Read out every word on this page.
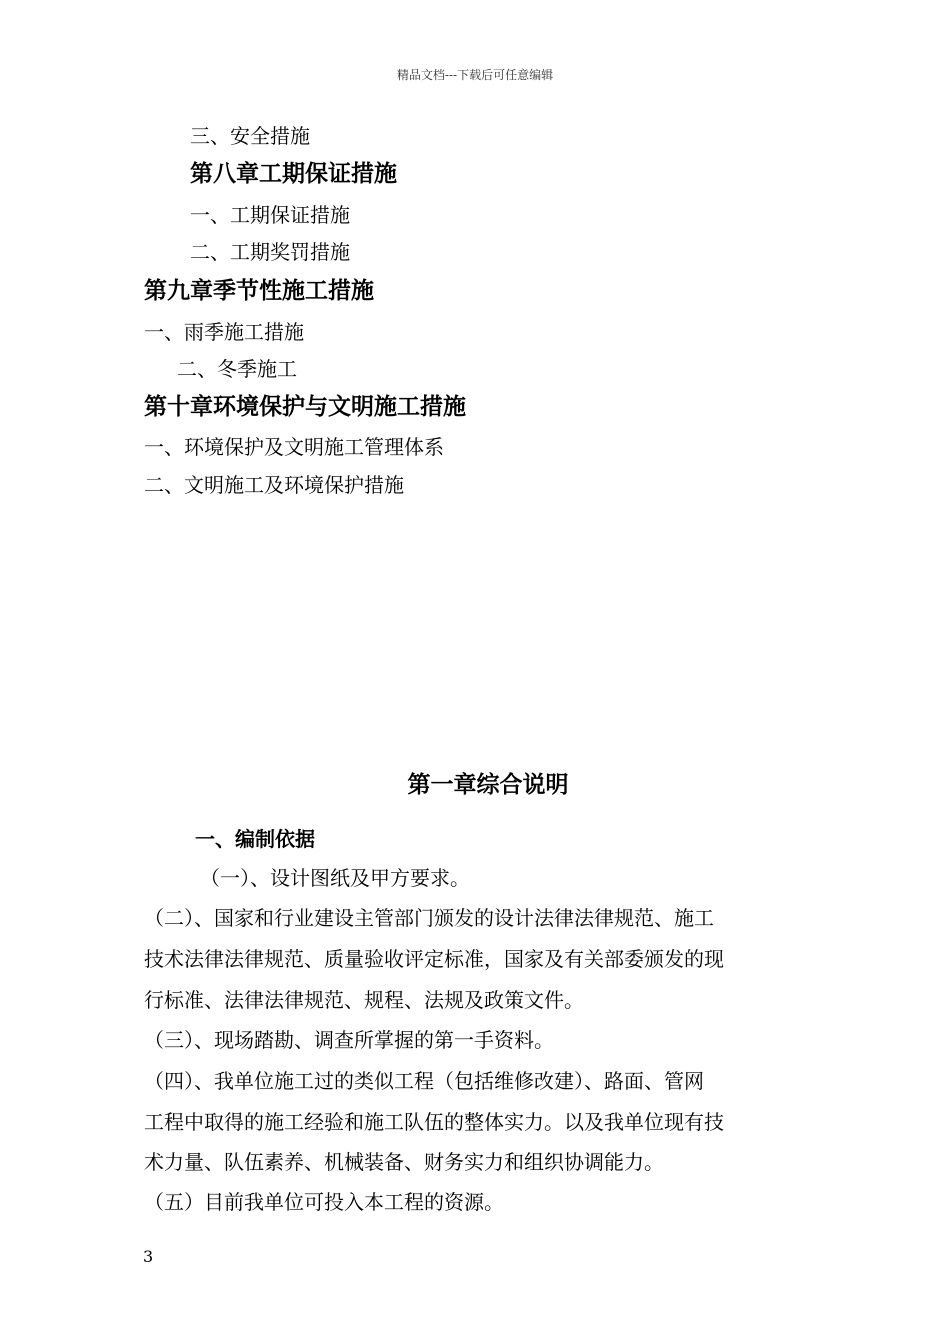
精品文档---下载后可任意编辑
三、安全措施
第八章工期保证措施
一、工期保证措施
二、工期奖罚措施
第九章季节性施工措施
一、雨季施工措施
二、冬季施工
第十章环境保护与文明施工措施
一、环境保护及文明施工管理体系
二、文明施工及环境保护措施
第一章综合说明
一、编制依据
（一）、设计图纸及甲方要求。
（二）、国家和行业建设主管部门颁发的设计法律法律规范、施工
技术法律法律规范、质量验收评定标准，国家及有关部委颁发的现
行标准、法律法律规范、规程、法规及政策文件。
（三）、现场踏勘、调查所掌握的第一手资料。
（四）、我单位施工过的类似工程（包括维修改建）、路面、管网
工程中取得的施工经验和施工队伍的整体实力。以及我单位现有技
术力量、队伍素养、机械装备、财务实力和组织协调能力。
（五）目前我单位可投入本工程的资源。
3
